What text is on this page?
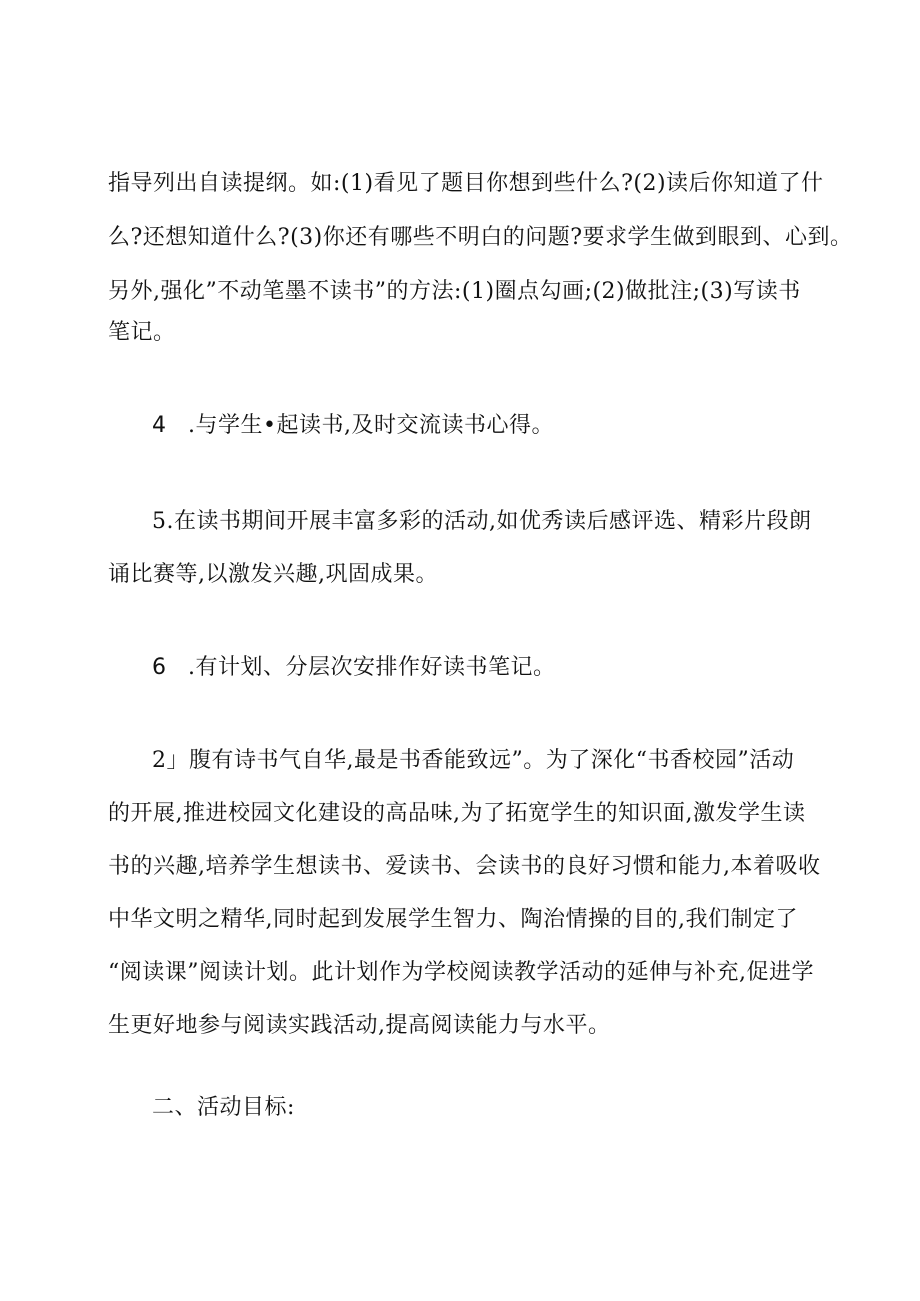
指导列出自读提纲。如:(1)看见了题目你想到些什么?(2)读后你知道了什
么?还想知道什么?(3)你还有哪些不明白的问题?要求学生做到眼到、心到。
另外,强化”不动笔墨不读书”的方法:(1)圈点勾画;(2)做批注;(3)写读书
笔记。
4 .与学生•起读书,及时交流读书心得。
5.在读书期间开展丰富多彩的活动,如优秀读后感评选、精彩片段朗
诵比赛等,以激发兴趣,巩固成果。
6 .有计划、分层次安排作好读书笔记。
2」腹有诗书气自华,最是书香能致远”。为了深化“书香校园”活动
的开展,推进校园文化建设的高品味,为了拓宽学生的知识面,激发学生读
书的兴趣,培养学生想读书、爱读书、会读书的良好习惯和能力,本着吸收
中华文明之精华,同时起到发展学生智力、陶治情操的目的,我们制定了
“阅读课”阅读计划。此计划作为学校阅读教学活动的延伸与补充,促进学
生更好地参与阅读实践活动,提高阅读能力与水平。
二、活动目标:
